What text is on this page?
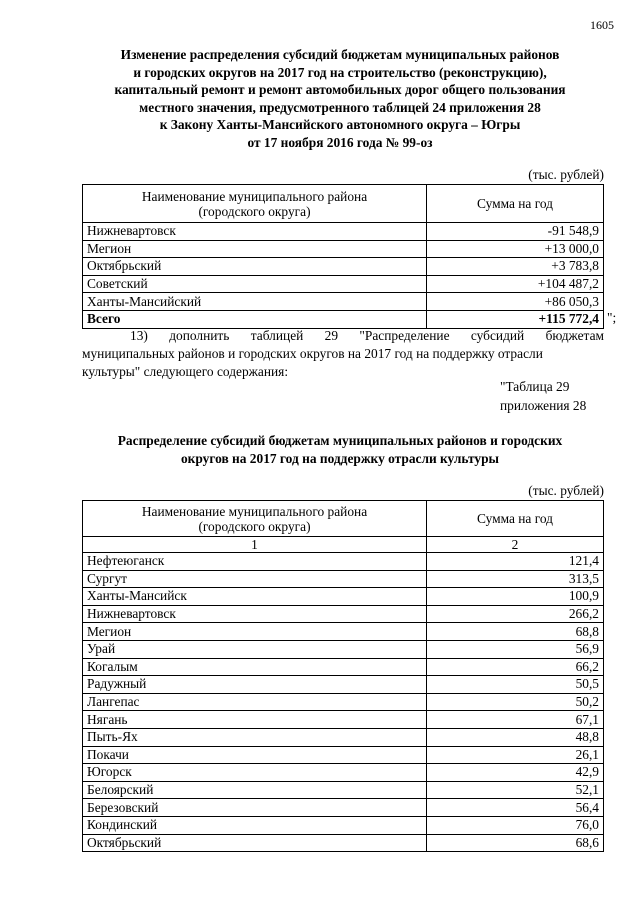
1605
Изменение распределения субсидий бюджетам муниципальных районов
и городских округов на 2017 год на строительство (реконструкцию),
капитальный ремонт и ремонт автомобильных дорог общего пользования
местного значения, предусмотренного таблицей 24 приложения 28
к Закону Ханты-Мансийского автономного округа – Югры
от 17 ноября 2016 года № 99-оз
(тыс. рублей)
Наименование муниципального района
(городского округа)	Сумма на год
Нижневартовск	-91 548,9
Мегион	+13 000,0
Октябрьский	+3 783,8
Советский	+104 487,2
Ханты-Мансийский	+86 050,3
Всего	+115 772,4 ";
13) дополнить таблицей 29 "Распределение субсидий бюджетам
муниципальных районов и городских округов на 2017 год на поддержку отрасли
культуры" следующего содержания:
"Таблица 29
приложения 28
Распределение субсидий бюджетам муниципальных районов и городских
округов на 2017 год на поддержку отрасли культуры
(тыс. рублей)
Наименование муниципального района
(городского округа)	Сумма на год
1	2
Нефтеюганск	121,4
Сургут	313,5
Ханты-Мансийск	100,9
Нижневартовск	266,2
Мегион	68,8
Урай	56,9
Когалым	66,2
Радужный	50,5
Лангепас	50,2
Нягань	67,1
Пыть-Ях	48,8
Покачи	26,1
Югорск	42,9
Белоярский	52,1
Березовский	56,4
Кондинский	76,0
Октябрьский	68,6
